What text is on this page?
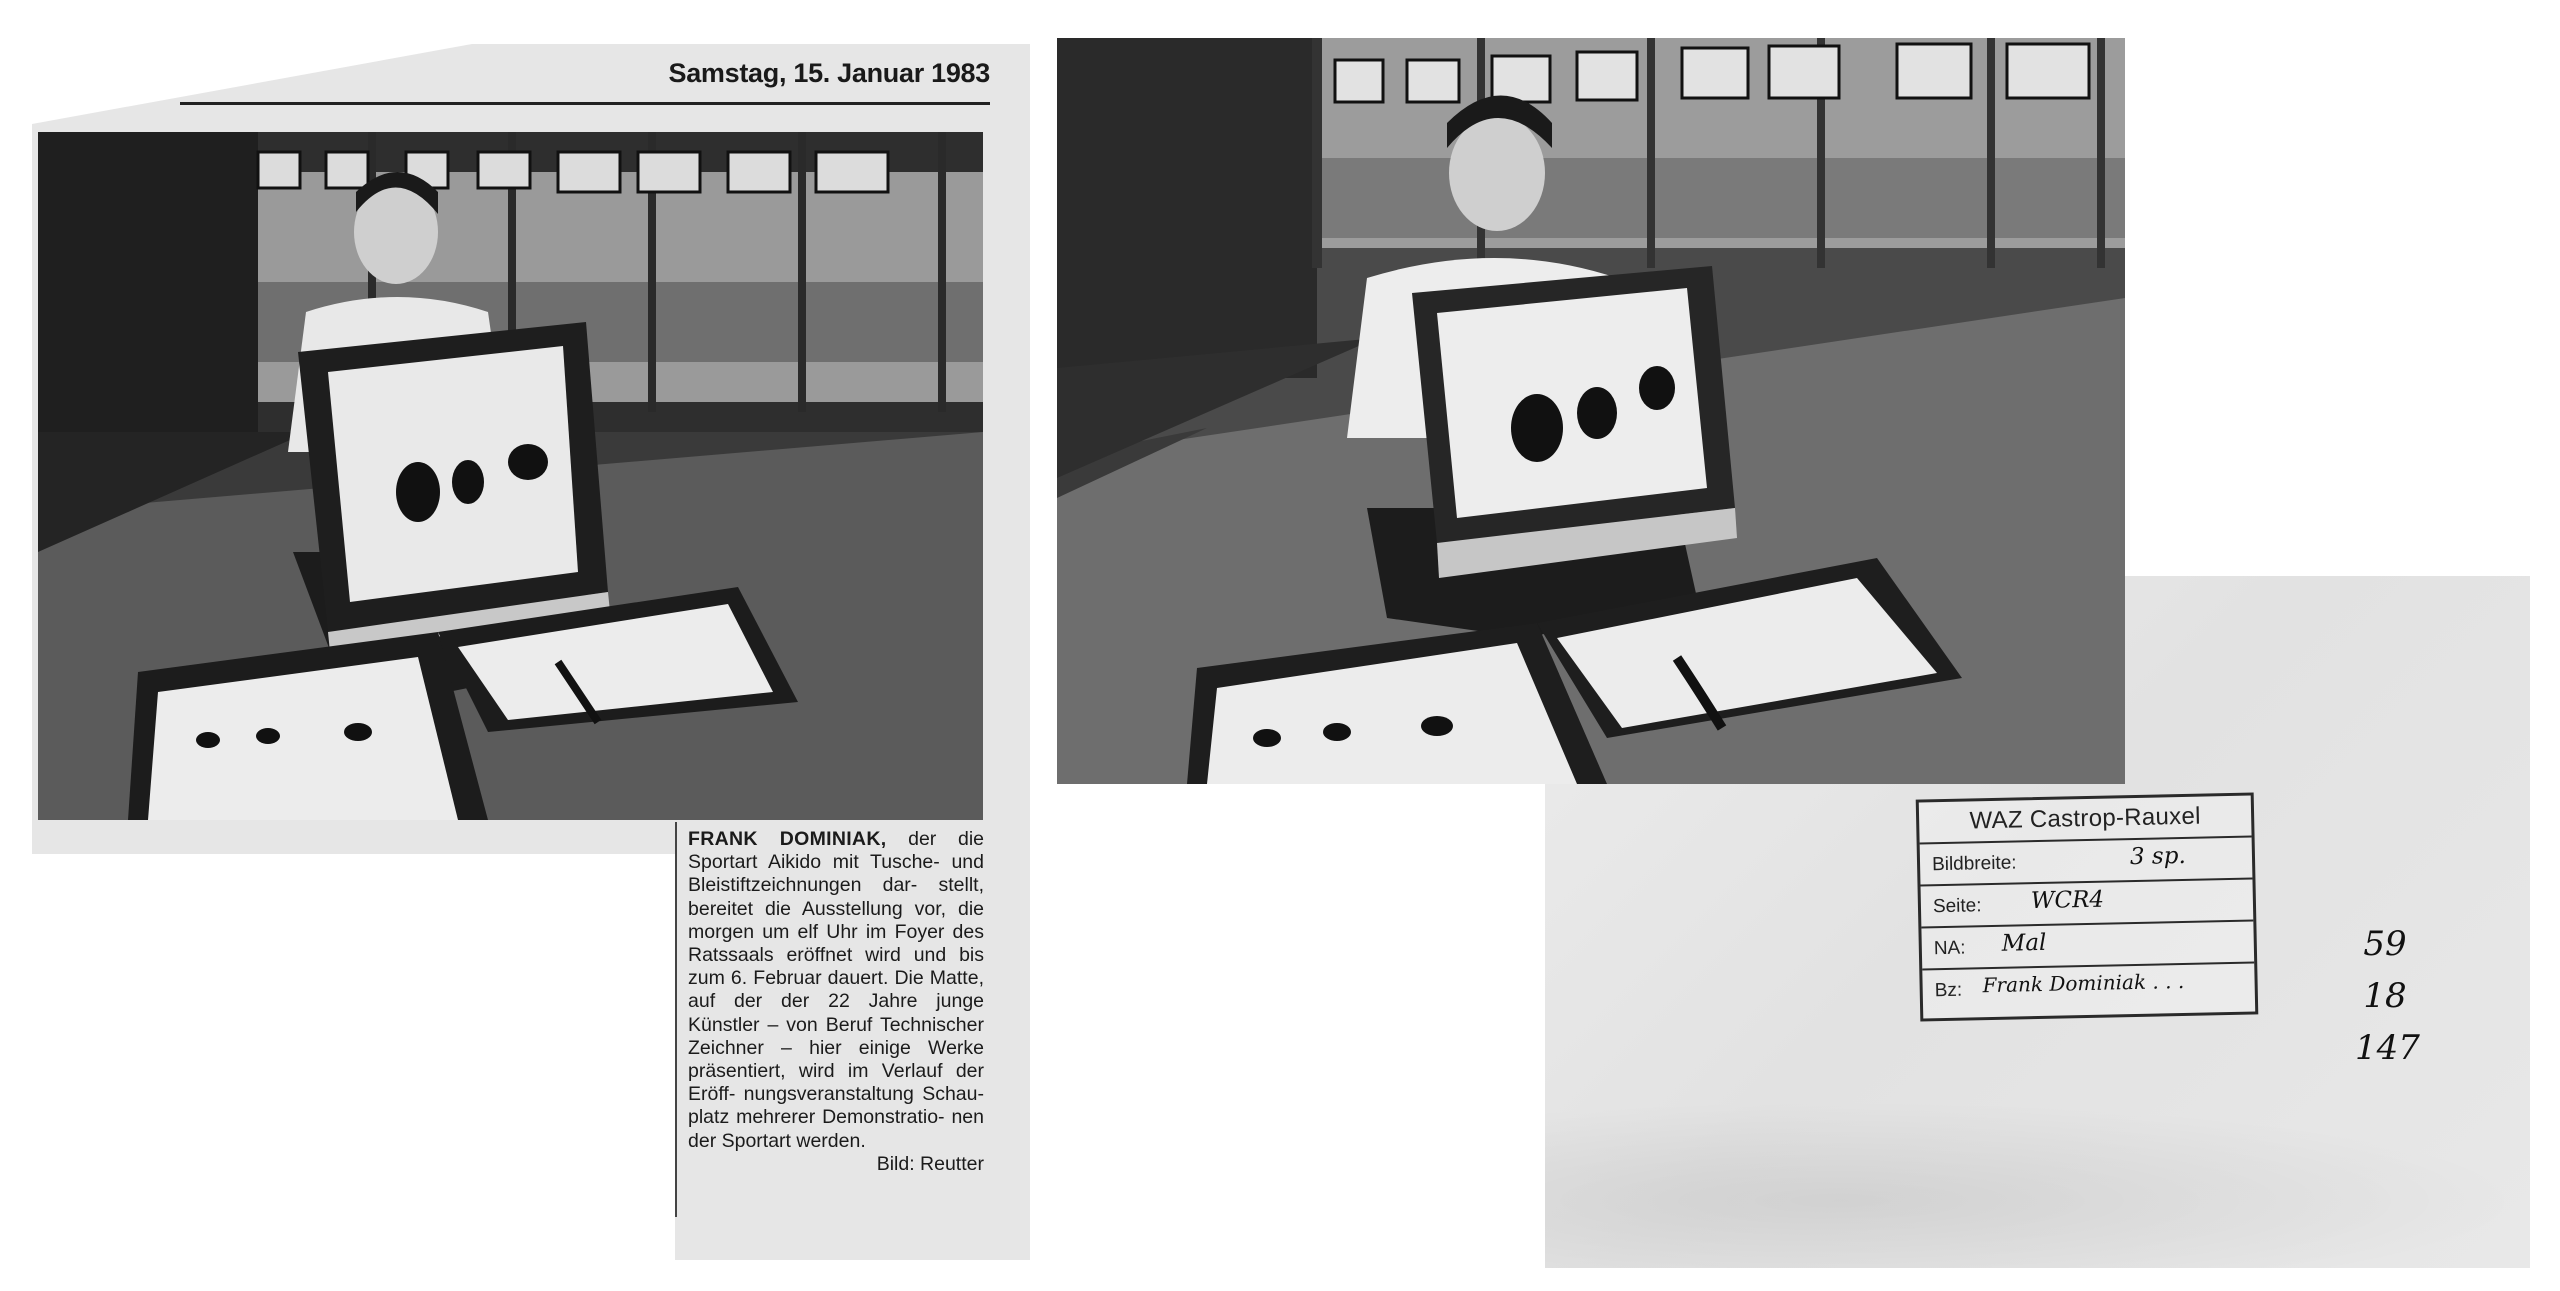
Samstag, 15. Januar 1983
FRANK DOMINIAK, der die Sportart Aikido mit Tusche- und Bleistiftzeichnungen dar- stellt, bereitet die Ausstellung vor, die morgen um elf Uhr im Foyer des Ratssaals eröffnet wird und bis zum 6. Februar dauert. Die Matte, auf der der 22 Jahre junge Künstler – von Beruf Technischer Zeichner – hier einige Werke präsentiert, wird im Verlauf der Eröff- nungsveranstaltung Schau- platz mehrerer Demonstratio- nen der Sportart werden.
Bild: Reutter
WAZ Castrop-Rauxel
Bildbreite:	3 sp.
Seite: WCR4
NA: Mal
Bz: Frank Dominiak . . .
59
18
147
